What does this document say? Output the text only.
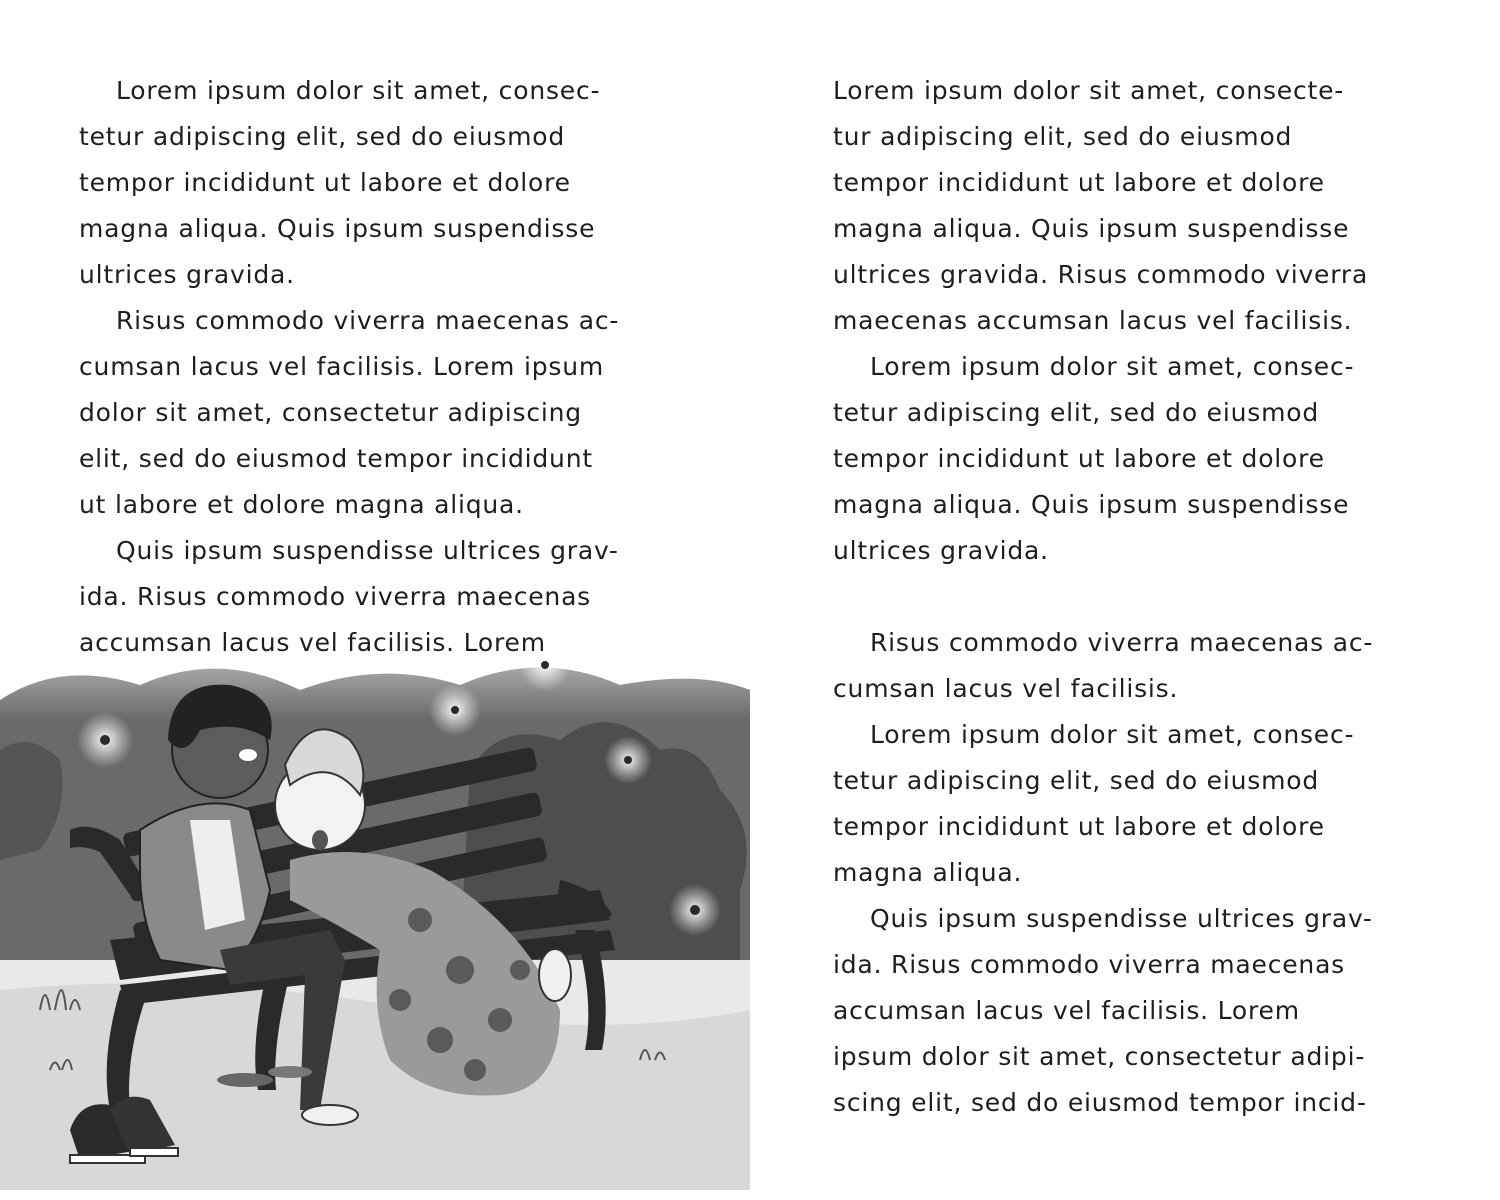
Lorem ipsum dolor sit amet, consec-
tetur adipiscing elit, sed do eiusmod
tempor incididunt ut labore et dolore
magna aliqua. Quis ipsum suspendisse
ultrices gravida.
Risus commodo viverra maecenas ac-
cumsan lacus vel facilisis. Lorem ipsum
dolor sit amet, consectetur adipiscing
elit, sed do eiusmod tempor incididunt
ut labore et dolore magna aliqua.
Quis ipsum suspendisse ultrices grav-
ida. Risus commodo viverra maecenas
accumsan lacus vel facilisis. Lorem
Lorem ipsum dolor sit amet, consecte-
tur adipiscing elit, sed do eiusmod
tempor incididunt ut labore et dolore
magna aliqua. Quis ipsum suspendisse
ultrices gravida. Risus commodo viverra
maecenas accumsan lacus vel facilisis.
Lorem ipsum dolor sit amet, consec-
tetur adipiscing elit, sed do eiusmod
tempor incididunt ut labore et dolore
magna aliqua. Quis ipsum suspendisse
ultrices gravida.
Risus commodo viverra maecenas ac-
cumsan lacus vel facilisis.
Lorem ipsum dolor sit amet, consec-
tetur adipiscing elit, sed do eiusmod
tempor incididunt ut labore et dolore
magna aliqua.
Quis ipsum suspendisse ultrices grav-
ida. Risus commodo viverra maecenas
accumsan lacus vel facilisis. Lorem
ipsum dolor sit amet, consectetur adipi-
scing elit, sed do eiusmod tempor incid-
